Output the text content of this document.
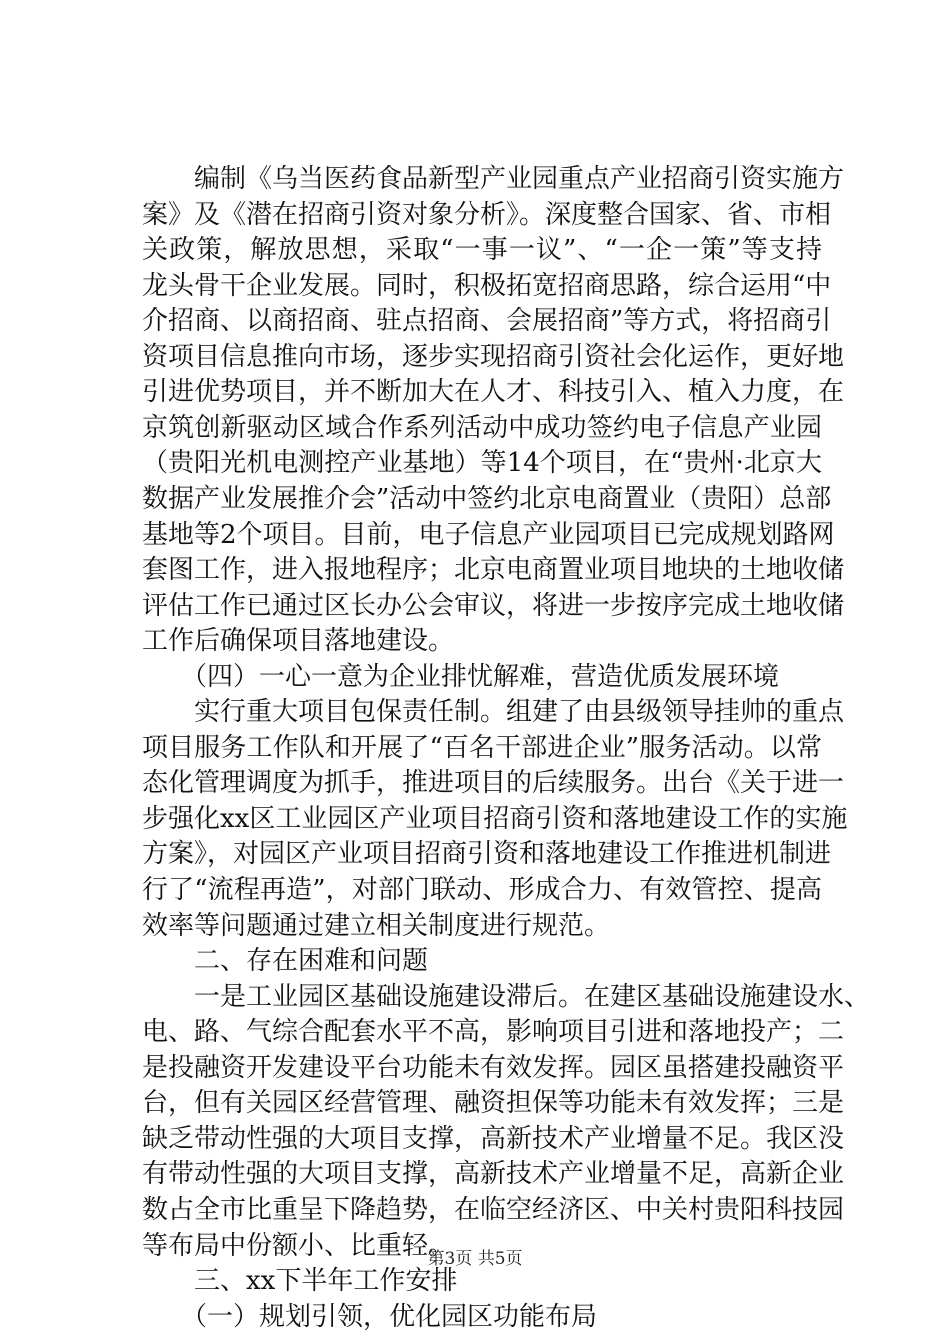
　　编制《乌当医药食品新型产业园重点产业招商引资实施方
案》及《潜在招商引资对象分析》。深度整合国家、省、市相
关政策，解放思想，采取“一事一议”、“一企一策”等支持
龙头骨干企业发展。同时，积极拓宽招商思路，综合运用“中
介招商、以商招商、驻点招商、会展招商”等方式，将招商引
资项目信息推向市场，逐步实现招商引资社会化运作，更好地
引进优势项目，并不断加大在人才、科技引入、植入力度，在
京筑创新驱动区域合作系列活动中成功签约电子信息产业园
（贵阳光机电测控产业基地）等14个项目，在“贵州·北京大
数据产业发展推介会”活动中签约北京电商置业（贵阳）总部
基地等2个项目。目前，电子信息产业园项目已完成规划路网
套图工作，进入报地程序；北京电商置业项目地块的土地收储
评估工作已通过区长办公会审议，将进一步按序完成土地收储
工作后确保项目落地建设。
　　（四）一心一意为企业排忧解难，营造优质发展环境
　　实行重大项目包保责任制。组建了由县级领导挂帅的重点
项目服务工作队和开展了“百名干部进企业”服务活动。以常
态化管理调度为抓手，推进项目的后续服务。出台《关于进一
步强化xx区工业园区产业项目招商引资和落地建设工作的实施
方案》，对园区产业项目招商引资和落地建设工作推进机制进
行了“流程再造”，对部门联动、形成合力、有效管控、提高
效率等问题通过建立相关制度进行规范。
　　二、存在困难和问题
　　一是工业园区基础设施建设滞后。在建区基础设施建设水、
电、路、气综合配套水平不高，影响项目引进和落地投产；二
是投融资开发建设平台功能未有效发挥。园区虽搭建投融资平
台，但有关园区经营管理、融资担保等功能未有效发挥；三是
缺乏带动性强的大项目支撑，高新技术产业增量不足。我区没
有带动性强的大项目支撑，高新技术产业增量不足，高新企业
数占全市比重呈下降趋势，在临空经济区、中关村贵阳科技园
等布局中份额小、比重轻。
　　三、xx下半年工作安排
　　（一）规划引领，优化园区功能布局
第3页 共5页
